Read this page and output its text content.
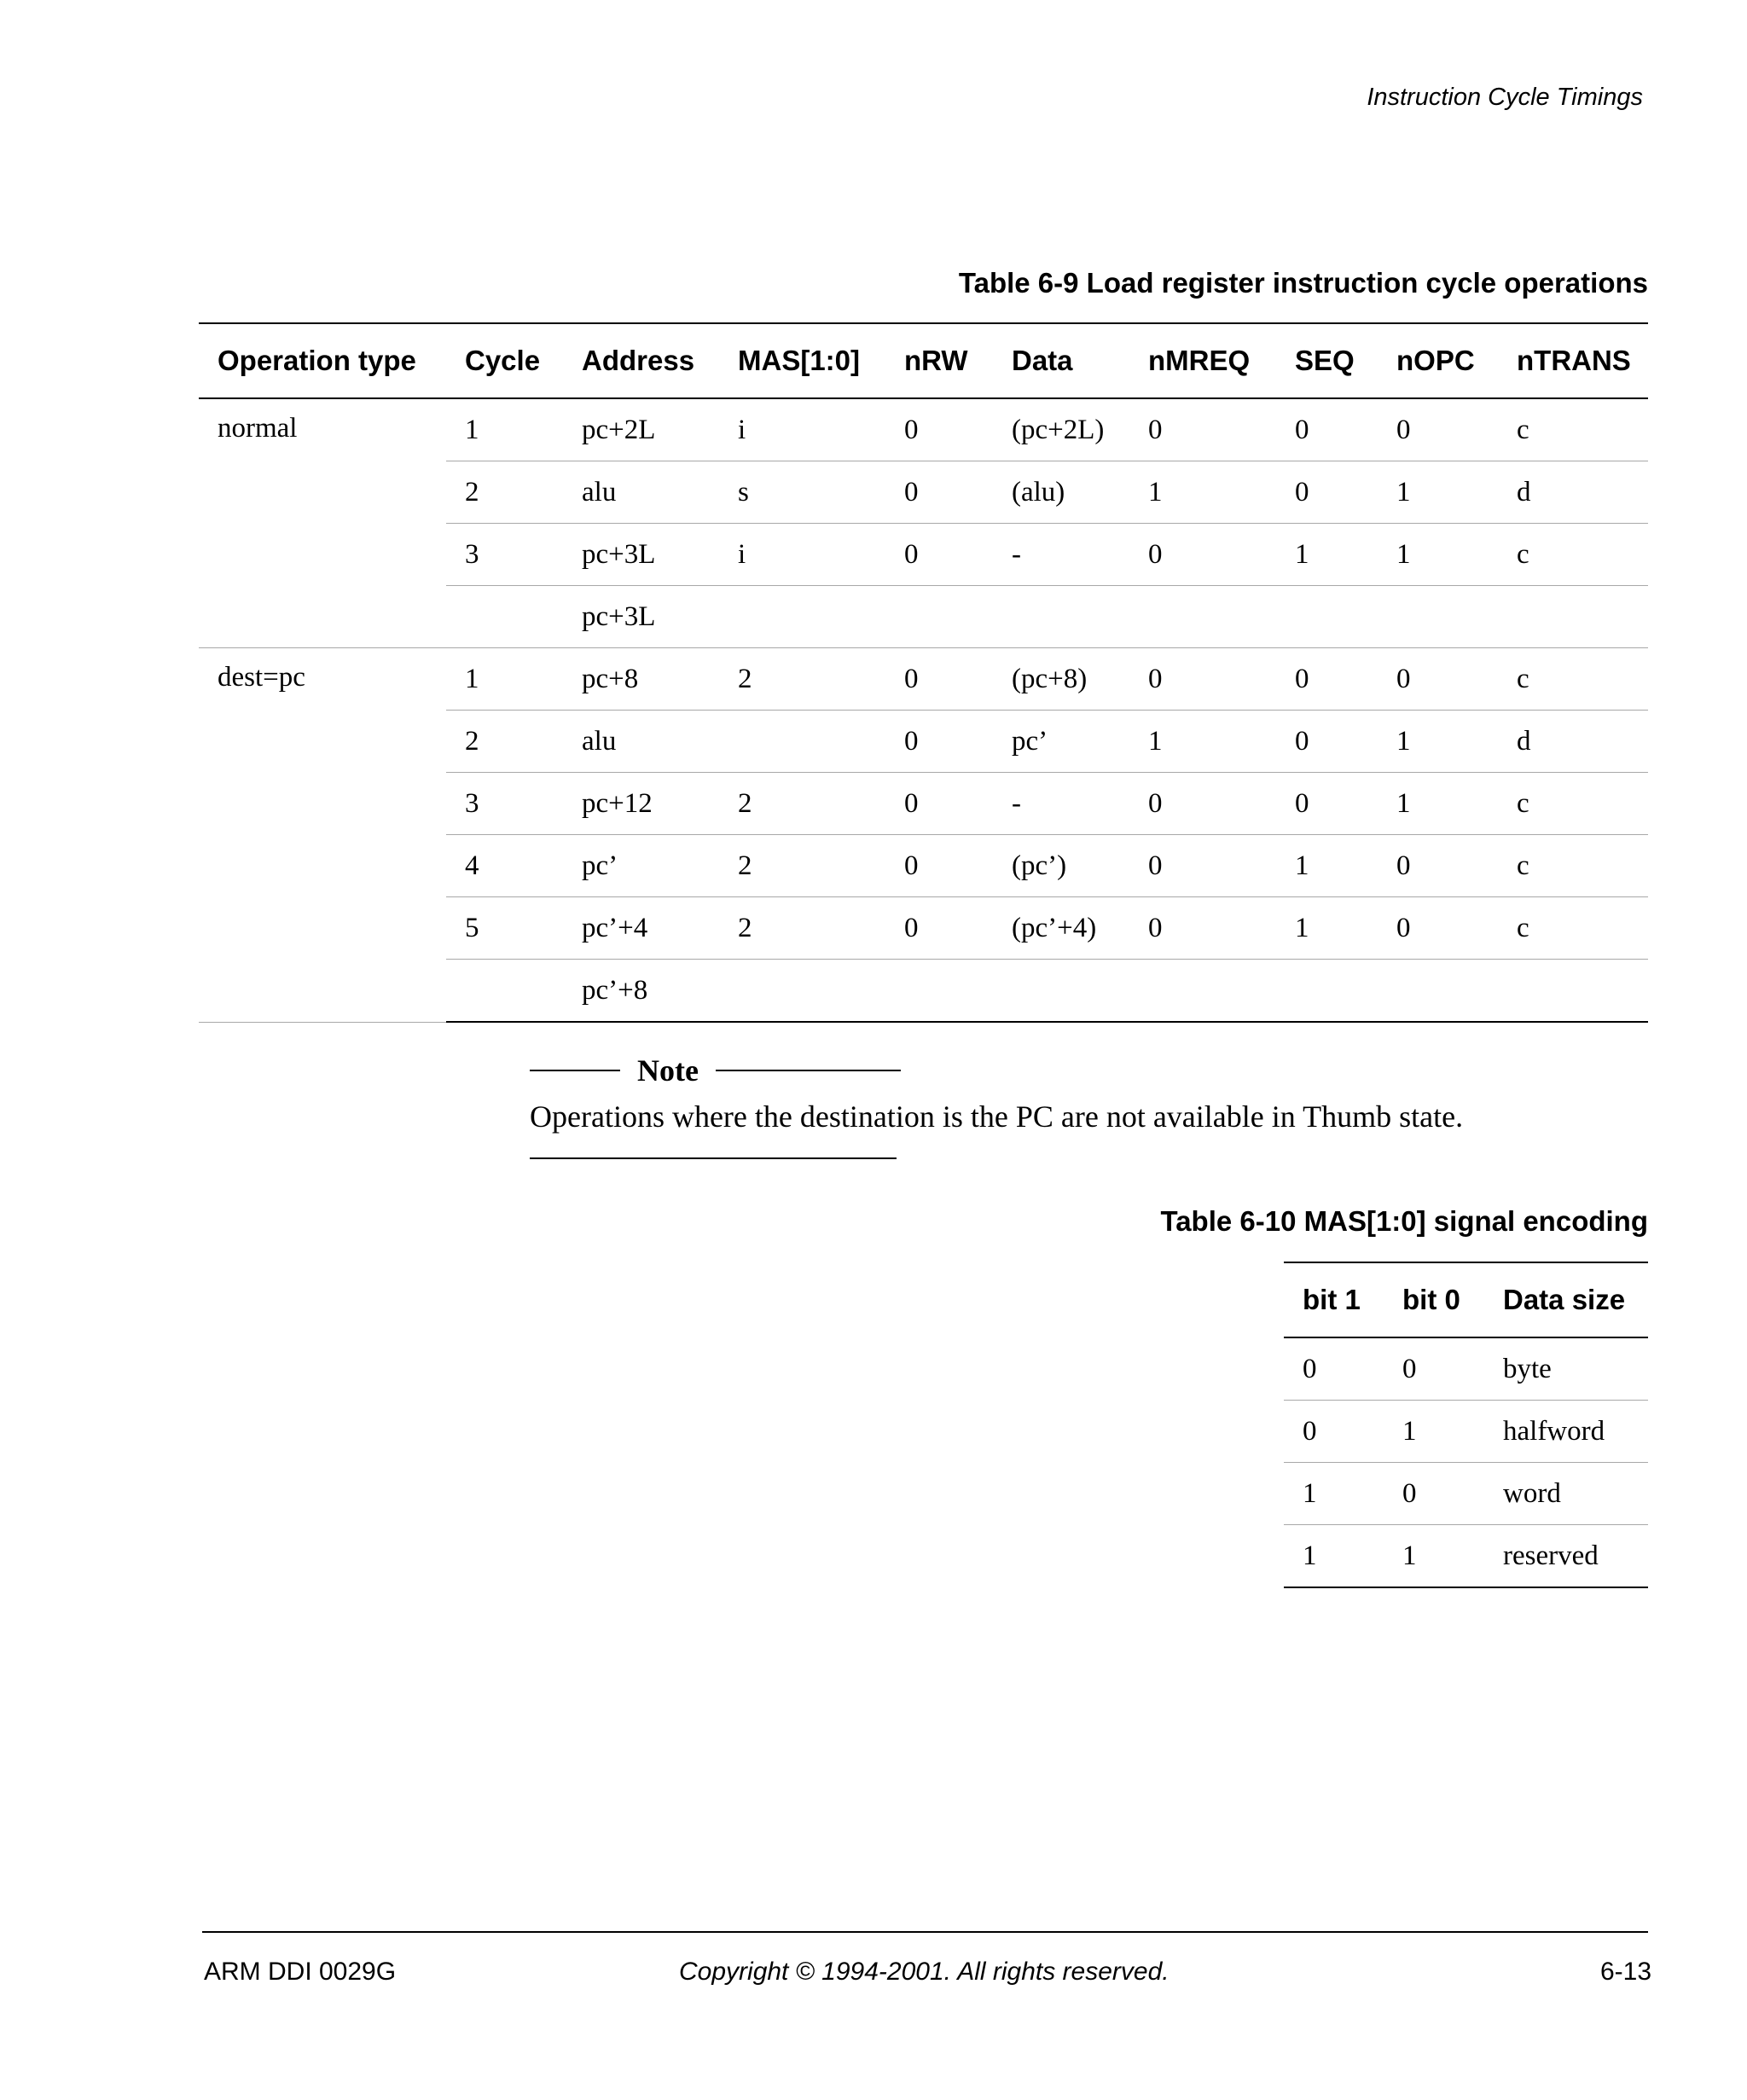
Instruction Cycle Timings
Table 6-9 Load register instruction cycle operations
Operation type	Cycle	Address	MAS[1:0]	nRW	Data	nMREQ	SEQ	nOPC	nTRANS
normal	1	pc+2L	i	0	(pc+2L)	0	0	0	c
	2	alu	s	0	(alu)	1	0	1	d
	3	pc+3L	i	0	-	0	1	1	c
		pc+3L							
dest=pc	1	pc+8	2	0	(pc+8)	0	0	0	c
	2	alu		0	pc’	1	0	1	d
	3	pc+12	2	0	-	0	0	1	c
	4	pc’	2	0	(pc’)	0	1	0	c
	5	pc’+4	2	0	(pc’+4)	0	1	0	c
		pc’+8							
Note
Operations where the destination is the PC are not available in Thumb state.
Table 6-10 MAS[1:0] signal encoding
bit 1	bit 0	Data size
0	0	byte
0	1	halfword
1	0	word
1	1	reserved
ARM DDI 0029G	Copyright © 1994-2001. All rights reserved.	6-13
